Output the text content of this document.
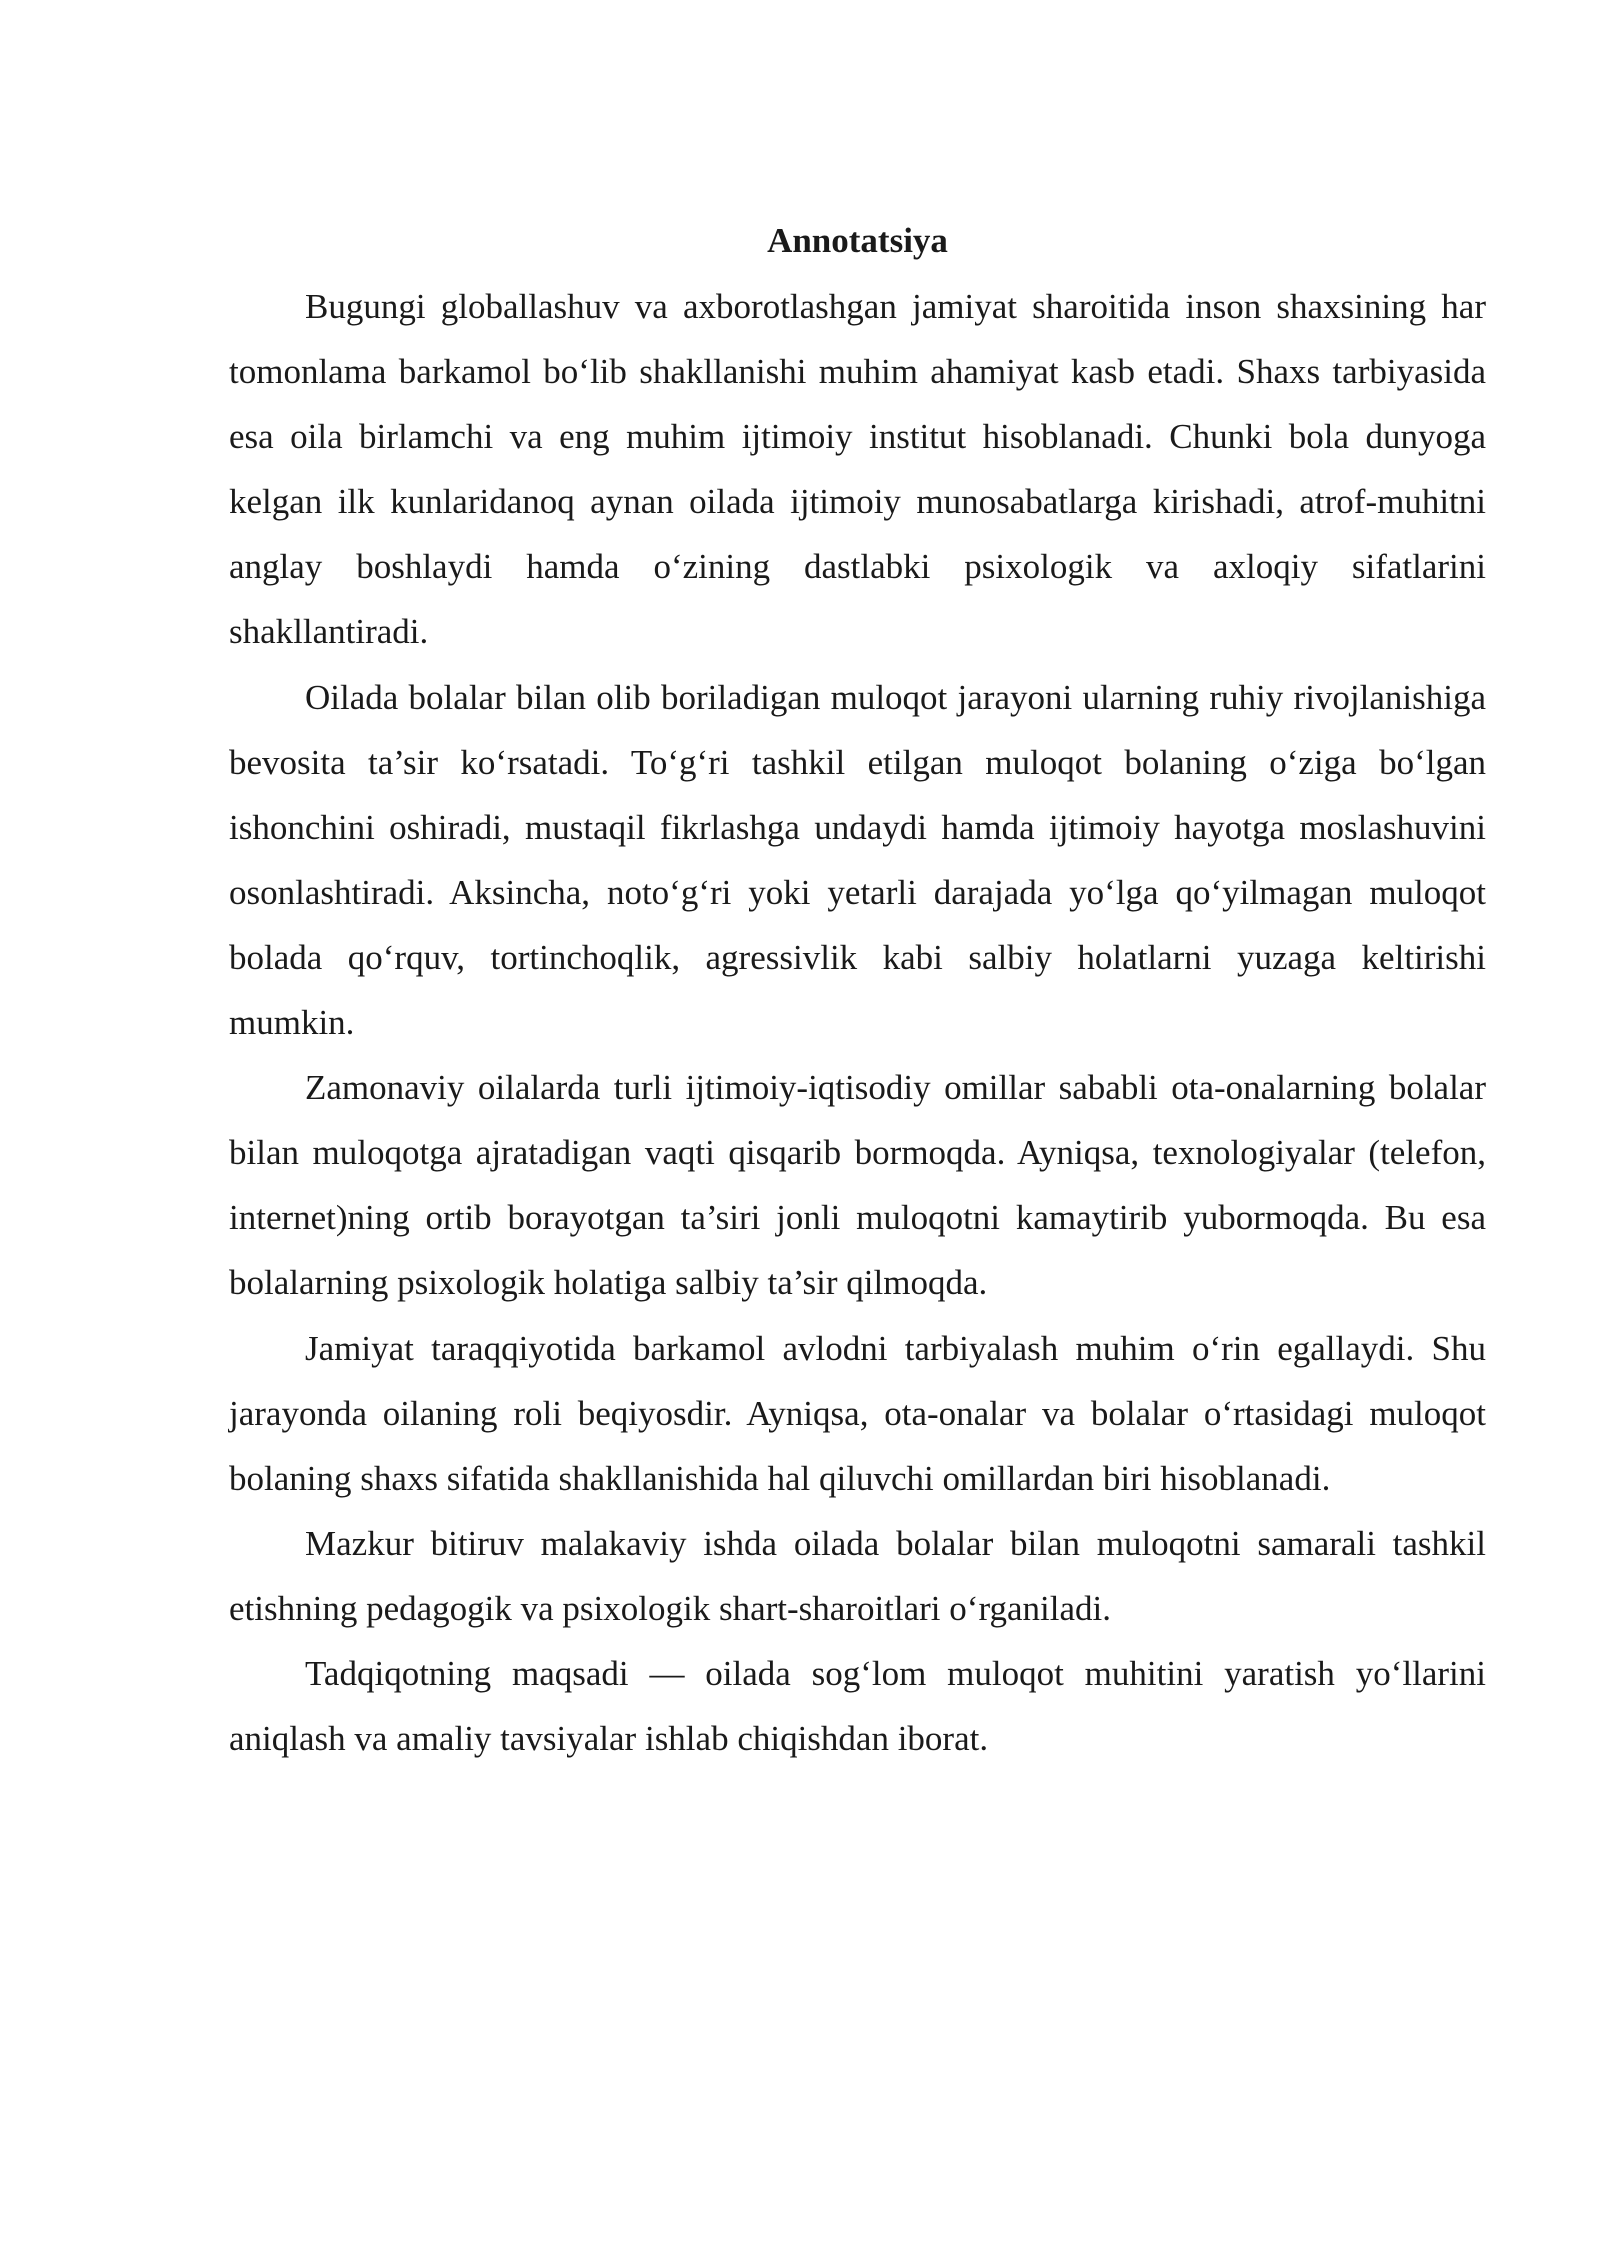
Annotatsiya

Bugungi globallashuv va axborotlashgan jamiyat sharoitida inson shaxsining har tomonlama barkamol bo‘lib shakllanishi muhim ahamiyat kasb etadi. Shaxs tarbiyasida esa oila birlamchi va eng muhim ijtimoiy institut hisoblanadi. Chunki bola dunyoga kelgan ilk kunlaridanoq aynan oilada ijtimoiy munosabatlarga kirishadi, atrof-muhitni anglay boshlaydi hamda o‘zining dastlabki psixologik va axloqiy sifatlarini shakllantiradi.

Oilada bolalar bilan olib boriladigan muloqot jarayoni ularning ruhiy rivojlanishiga bevosita ta’sir ko‘rsatadi. To‘g‘ri tashkil etilgan muloqot bolaning o‘ziga bo‘lgan ishonchini oshiradi, mustaqil fikrlashga undaydi hamda ijtimoiy hayotga moslashuvini osonlashtiradi. Aksincha, noto‘g‘ri yoki yetarli darajada yo‘lga qo‘yilmagan muloqot bolada qo‘rquv, tortinchoqlik, agressivlik kabi salbiy holatlarni yuzaga keltirishi mumkin.

Zamonaviy oilalarda turli ijtimoiy-iqtisodiy omillar sababli ota-onalarning bolalar bilan muloqotga ajratadigan vaqti qisqarib bormoqda. Ayniqsa, texnologiyalar (telefon, internet)ning ortib borayotgan ta’siri jonli muloqotni kamaytirib yubormoqda. Bu esa bolalarning psixologik holatiga salbiy ta’sir qilmoqda.

Jamiyat taraqqiyotida barkamol avlodni tarbiyalash muhim o‘rin egallaydi. Shu jarayonda oilaning roli beqiyosdir. Ayniqsa, ota-onalar va bolalar o‘rtasidagi muloqot bolaning shaxs sifatida shakllanishida hal qiluvchi omillardan biri hisoblanadi.

Mazkur bitiruv malakaviy ishda oilada bolalar bilan muloqotni samarali tashkil etishning pedagogik va psixologik shart-sharoitlari o‘rganiladi.

Tadqiqotning maqsadi — oilada sog‘lom muloqot muhitini yaratish yo‘llarini aniqlash va amaliy tavsiyalar ishlab chiqishdan iborat.
